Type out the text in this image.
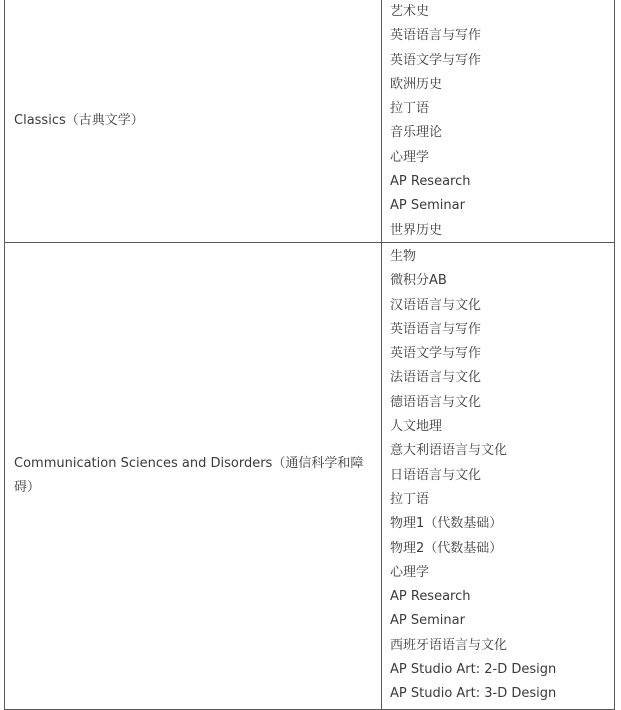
Classics（古典文学）
艺术史
英语语言与写作
英语文学与写作
欧洲历史
拉丁语
音乐理论
心理学
AP Research
AP Seminar
世界历史
Communication Sciences and Disorders（通信科学和障碍）
生物
微积分AB
汉语语言与文化
英语语言与写作
英语文学与写作
法语语言与文化
德语语言与文化
人文地理
意大利语语言与文化
日语语言与文化
拉丁语
物理1（代数基础）
物理2（代数基础）
心理学
AP Research
AP Seminar
西班牙语语言与文化
AP Studio Art: 2-D Design
AP Studio Art: 3-D Design
